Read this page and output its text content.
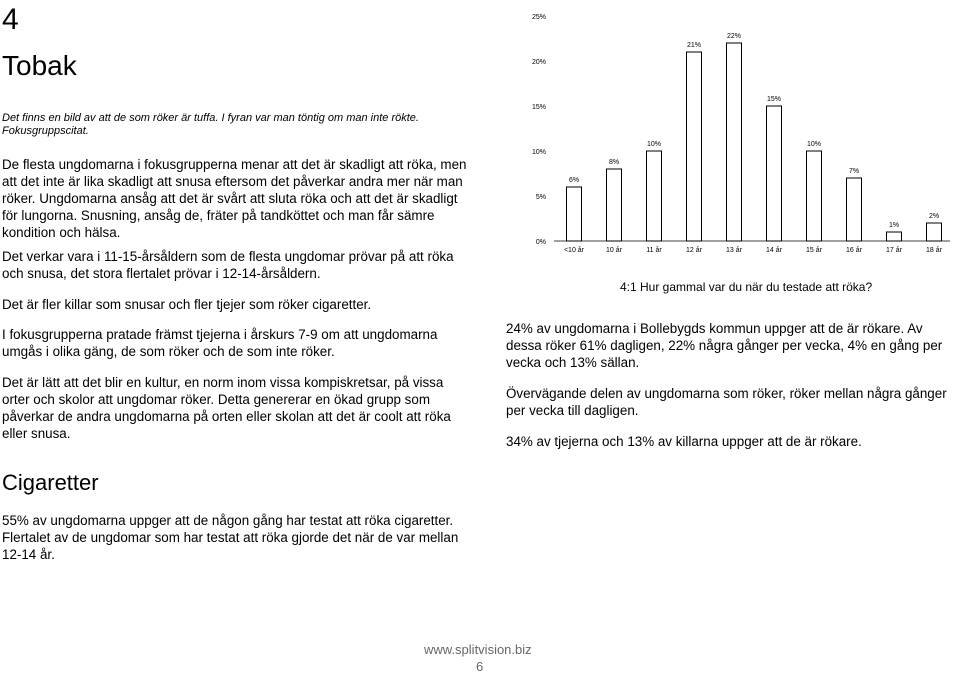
4
Tobak
Det finns en bild av att de som röker är tuffa. I fyran var man töntig om man inte rökte.
Fokusgruppscitat.
De flesta ungdomarna i fokusgrupperna menar att det är skadligt att röka, men att det inte är lika skadligt att snusa eftersom det påverkar andra mer när man röker. Ungdomarna ansåg att det är svårt att sluta röka och att det är skadligt för lungorna. Snusning, ansåg de, fräter på tandköttet och man får sämre kondition och hälsa.
Det verkar vara i 11-15-årsåldern som de flesta ungdomar prövar på att röka och snusa, det stora flertalet prövar i 12-14-årsåldern.
Det är fler killar som snusar och fler tjejer som röker cigaretter.
I fokusgrupperna pratade främst tjejerna i årskurs 7-9 om att ungdomarna umgås i olika gäng, de som röker och de som inte röker.
Det är lätt att det blir en kultur, en norm inom vissa kompiskretsar, på vissa orter och skolor att ungdomar röker. Detta genererar en ökad grupp som påverkar de andra ungdomarna på orten eller skolan att det är coolt att röka eller snusa.
Cigaretter
55% av ungdomarna uppger att de någon gång har testat att röka cigaretter. Flertalet av de ungdomar som har testat att röka gjorde det när de var mellan 12-14 år.
0%
5%
10%
15%
20%
25%
6%
<10 år
8%
10 år
10%
11 år
21%
12 år
22%
13 år
15%
14 år
10%
15 år
7%
16 år
1%
17 år
2%
18 år
4:1 Hur gammal var du när du testade att röka?
24% av ungdomarna i Bollebygds kommun uppger att de är rökare. Av dessa röker 61% dagligen, 22% några gånger per vecka, 4% en gång per vecka och 13% sällan.
Övervägande delen av ungdomarna som röker, röker mellan några gånger per vecka till dagligen.
34% av tjejerna och 13% av killarna uppger att de är rökare.
www.splitvision.biz
6
